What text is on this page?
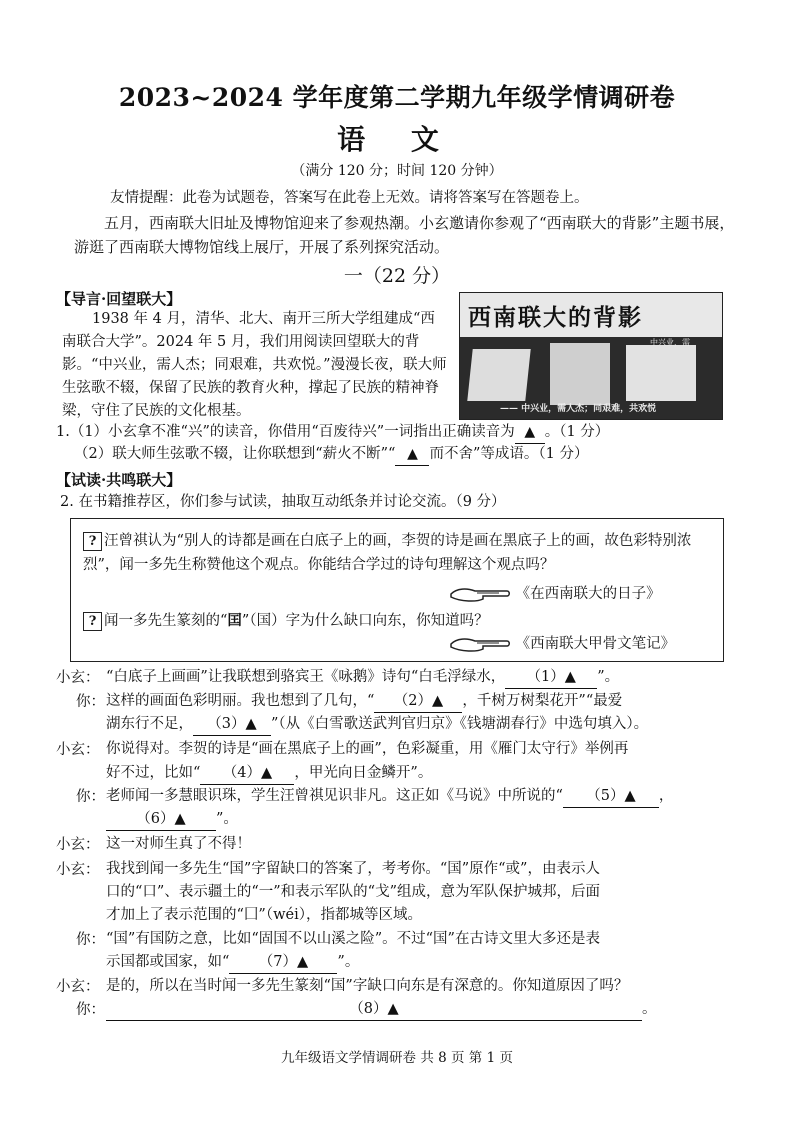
2023~2024 学年度第二学期九年级学情调研卷
语 文
（满分 120 分；时间 120 分钟）
友情提醒：此卷为试题卷，答案写在此卷上无效。请将答案写在答题卷上。
五月，西南联大旧址及博物馆迎来了参观热潮。小玄邀请你参观了“西南联大的背影”主题书展，游逛了西南联大博物馆线上展厅，开展了系列探究活动。
一（22 分）
【导言·回望联大】
1938 年 4 月，清华、北大、南开三所大学组建成“西南联合大学”。2024 年 5 月，我们用阅读回望联大的背影。“中兴业，需人杰；同艰难，共欢悦。”漫漫长夜，联大师生弦歌不辍，保留了民族的教育火种，撑起了民族的精神脊梁，守住了民族的文化根基。
西南联大的背影
中兴业，需
—— 中兴业，需人杰；同艰难，共欢悦
1.（1）小玄拿不准“兴”的读音，你借用“百废待兴”一词指出正确读音为 ▲ 。（1 分）
（2）联大师生弦歌不辍，让你联想到“薪火不断”“ ▲ 而不舍”等成语。（1 分）
【试读·共鸣联大】
2. 在书籍推荐区，你们参与试读，抽取互动纸条并讨论交流。（9 分）
? 汪曾祺认为“别人的诗都是画在白底子上的画，李贺的诗是画在黑底子上的画，故色彩特别浓烈”，闻一多先生称赞他这个观点。你能结合学过的诗句理解这个观点吗？
《在西南联大的日子》
? 闻一多先生篆刻的“囯”（国）字为什么缺口向东，你知道吗？
《西南联大甲骨文笔记》
小玄： “白底子上画画”让我联想到骆宾王《咏鹅》诗句“白毛浮绿水， （1）▲ ”。
你： 这样的画面色彩明丽。我也想到了几句，“ （2）▲ ，千树万树梨花开”“最爱
湖东行不足， （3）▲ ”（从《白雪歌送武判官归京》《钱塘湖春行》中选句填入）。
小玄： 你说得对。李贺的诗是“画在黑底子上的画”，色彩凝重，用《雁门太守行》举例再
好不过，比如“ （4）▲ ，甲光向日金鳞开”。
你： 老师闻一多慧眼识珠，学生汪曾祺见识非凡。这正如《马说》中所说的“ （5）▲ ，
（6）▲ ”。
小玄： 这一对师生真了不得！
小玄： 我找到闻一多先生“国”字留缺口的答案了，考考你。“国”原作“或”，由表示人
口的“口”、表示疆土的“一”和表示军队的“戈”组成，意为军队保护城邦，后面
才加上了表示范围的“囗”（wéi），指都城等区域。
你： “国”有国防之意，比如“固国不以山溪之险”。不过“国”在古诗文里大多还是表
示国都或国家，如“ （7）▲ ”。
小玄： 是的，所以在当时闻一多先生篆刻“国”字缺口向东是有深意的。你知道原因了吗？
你：	（8）▲	。
九年级语文学情调研卷 共 8 页 第 1 页
